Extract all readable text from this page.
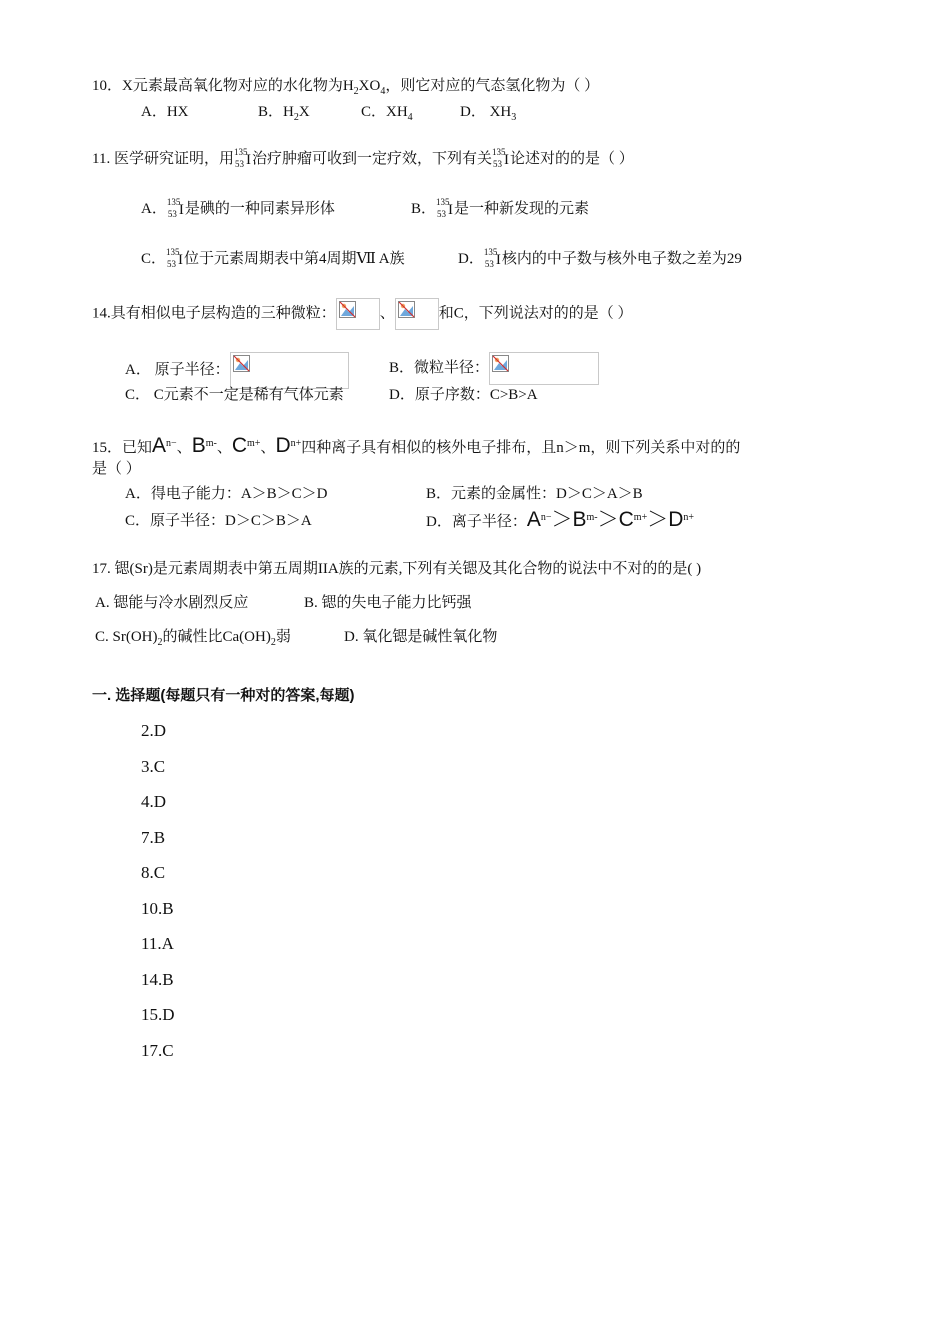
10．X元素最高氧化物对应的水化物为$H_2XO_4$，则它对应的气态氢化物为（ ）
A．HX	B．$H_2X$	C．$XH_4$	D． $XH_3$
11. 医学研究证明，用 135
53 I 治疗肿瘤可收到一定疗效，下列有关 135
53 I 论述对的的是（ ）
A． 135
53 I 是碘的一种同素异形体	B． 135
53 I 是一种新发现的元素
C． 135
53 I 位于元素周期表中第4周期Ⅶ A族	D． 135
53 I 核内的中子数与核外电子数之差为29
14.具有相似电子层构造的三种微粒：	、	和C，下列说法对的的是（ ）
A． 原子半径：	B．微粒半径：
C． C元素不一定是稀有气体元素	D．原子序数：C>B>A
15．已知$A^{n-}$、$B^{m-}$、$C^{m+}$、$D^{n+}$四种离子具有相似的核外电子排布，且n＞m，则下列关系中对的的
是（ ）
A．得电子能力：A＞B＞C＞D	B．元素的金属性：D＞C＞A＞B
C．原子半径：D＞C＞B＞A	D．离子半径：$A^{n-}>B^{m-}>C^{m+}>D^{n+}$
17. 锶(Sr)是元素周期表中第五周期IIA族的元素,下列有关锶及其化合物的说法中不对的的是( )
A. 锶能与冷水剧烈反应	B. 锶的失电子能力比钙强
C. $Sr(OH)_2$的碱性比$Ca(OH)_2$弱	D. 氧化锶是碱性氧化物
一. 选择题(每题只有一种对的答案,每题)
2.D
3.C
4.D
7.B
8.C
10.B
11.A
14.B
15.D
17.C
